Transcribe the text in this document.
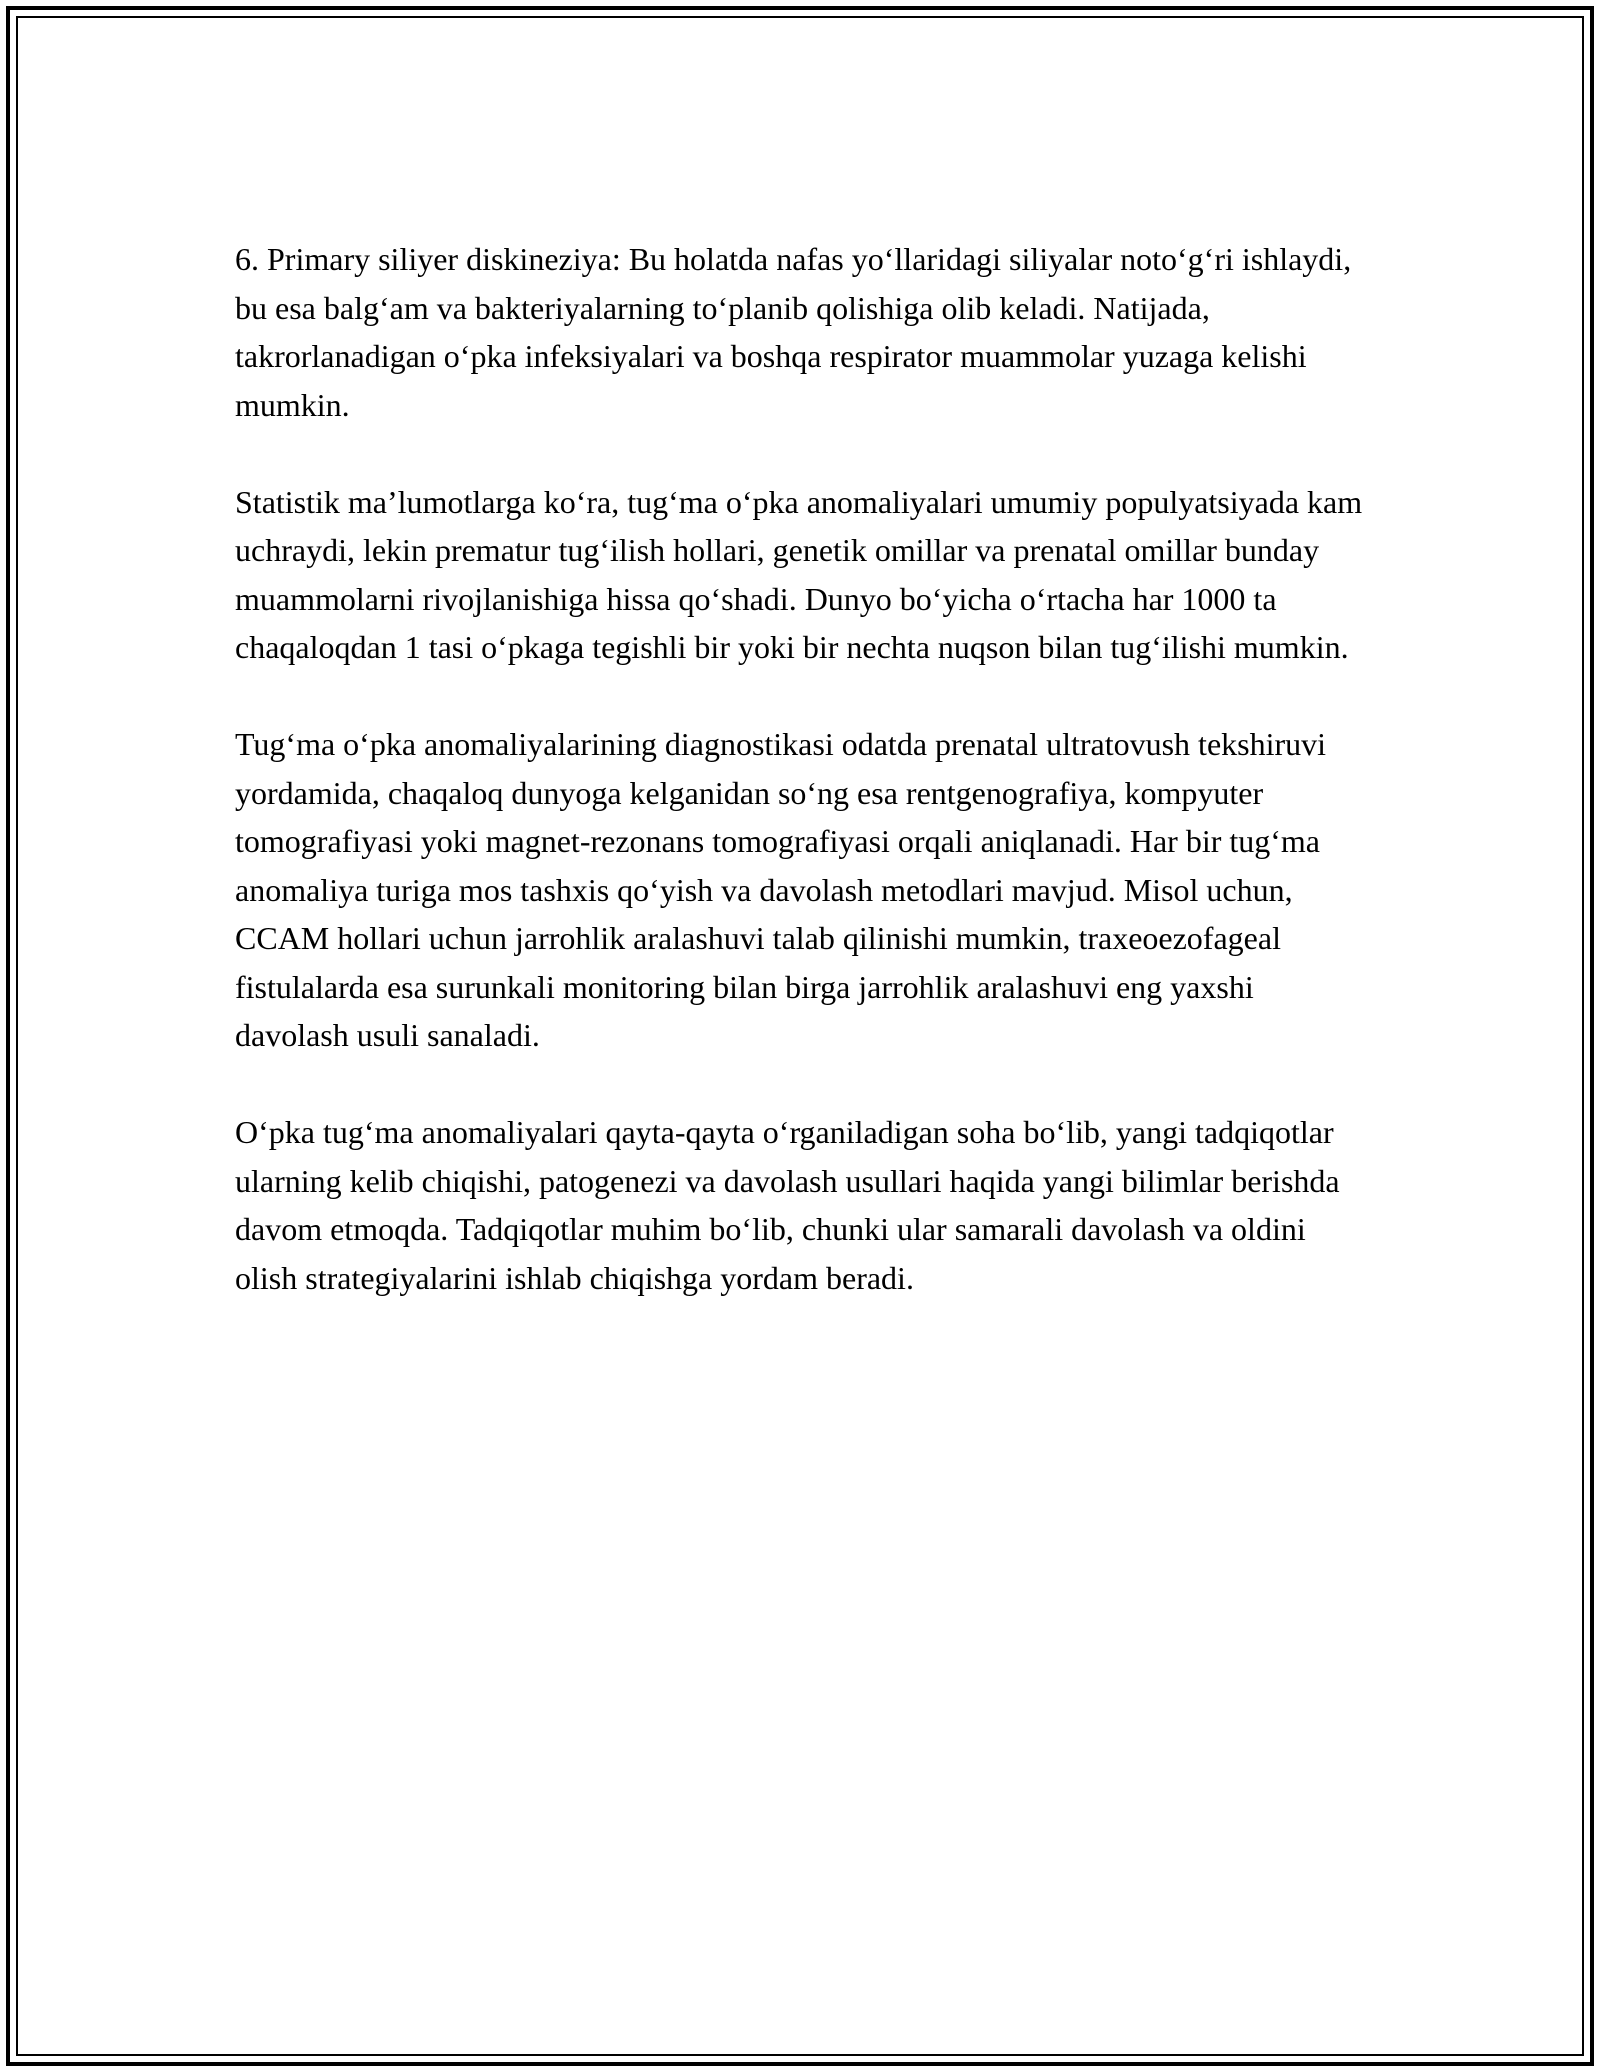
6. Primary siliyer diskineziya: Bu holatda nafas yo‘llaridagi siliyalar noto‘g‘ri ishlaydi, bu esa balg‘am va bakteriyalarning to‘planib qolishiga olib keladi. Natijada, takrorlanadigan o‘pka infeksiyalari va boshqa respirator muammolar yuzaga kelishi mumkin.

Statistik ma’lumotlarga ko‘ra, tug‘ma o‘pka anomaliyalari umumiy populyatsiyada kam uchraydi, lekin prematur tug‘ilish hollari, genetik omillar va prenatal omillar bunday muammolarni rivojlanishiga hissa qo‘shadi. Dunyo bo‘yicha o‘rtacha har 1000 ta chaqaloqdan 1 tasi o‘pkaga tegishli bir yoki bir nechta nuqson bilan tug‘ilishi mumkin.

Tug‘ma o‘pka anomaliyalarining diagnostikasi odatda prenatal ultratovush tekshiruvi yordamida, chaqaloq dunyoga kelganidan so‘ng esa rentgenografiya, kompyuter tomografiyasi yoki magnet-rezonans tomografiyasi orqali aniqlanadi. Har bir tug‘ma anomaliya turiga mos tashxis qo‘yish va davolash metodlari mavjud. Misol uchun, CCAM hollari uchun jarrohlik aralashuvi talab qilinishi mumkin, traxeoezofageal fistulalarda esa surunkali monitoring bilan birga jarrohlik aralashuvi eng yaxshi davolash usuli sanaladi.

O‘pka tug‘ma anomaliyalari qayta-qayta o‘rganiladigan soha bo‘lib, yangi tadqiqotlar ularning kelib chiqishi, patogenezi va davolash usullari haqida yangi bilimlar berishda davom etmoqda. Tadqiqotlar muhim bo‘lib, chunki ular samarali davolash va oldini olish strategiyalarini ishlab chiqishga yordam beradi.
